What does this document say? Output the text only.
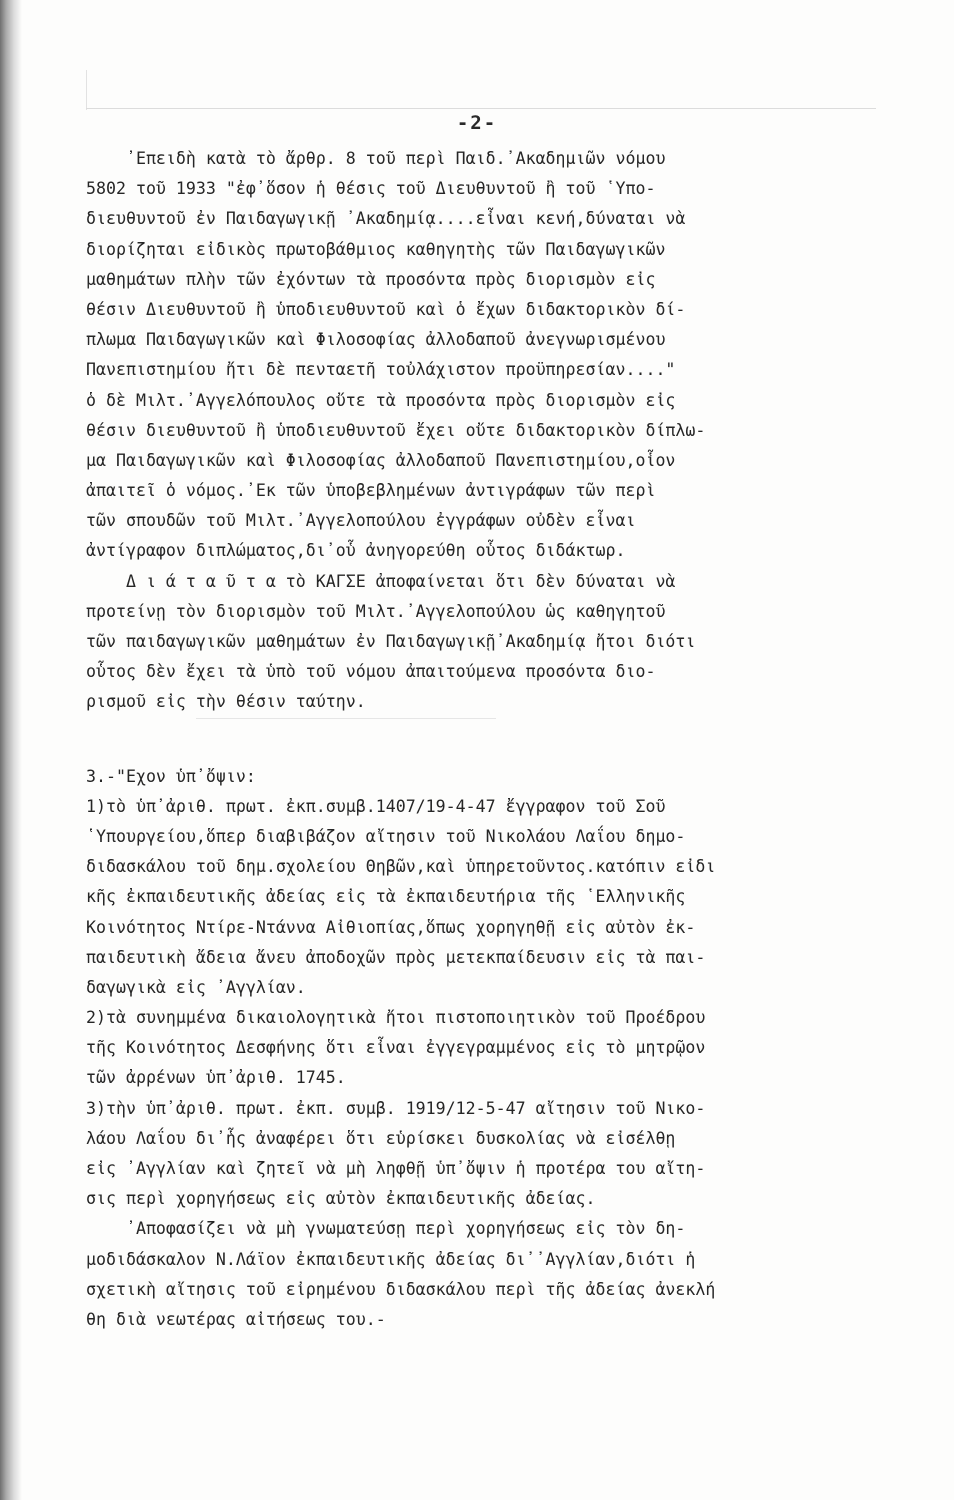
-2-
᾿Επειδὴ κατὰ τὸ ἄρθρ. 8 τοῦ περὶ Παιδ.᾿Ακαδημιῶν νόμου
5802 τοῦ 1933 "ἐφ᾿ὅσον ἡ θέσις τοῦ Διευθυντοῦ ἢ τοῦ ῾Υπο-
διευθυντοῦ ἐν Παιδαγωγικῇ ᾿Ακαδημίᾳ....εἶναι κενή,δύναται νὰ
διορίζηται εἰδικὸς πρωτοβάθμιος καθηγητὴς τῶν Παιδαγωγικῶν
μαθημάτων πλὴν τῶν ἐχόντων τὰ προσόντα πρὸς διορισμὸν εἰς
θέσιν Διευθυντοῦ ἢ ὑποδιευθυντοῦ καὶ ὁ ἔχων διδακτορικὸν δί-
πλωμα Παιδαγωγικῶν καὶ Φιλοσοφίας ἀλλοδαποῦ ἀνεγνωρισμένου
Πανεπιστημίου ἤτι δὲ πενταετῆ τοὐλάχιστον προϋπηρεσίαν...."
ὁ δὲ Μιλτ.᾿Αγγελόπουλος οὔτε τὰ προσόντα πρὸς διορισμὸν εἰς
θέσιν διευθυντοῦ ἢ ὑποδιευθυντοῦ ἔχει οὔτε διδακτορικὸν δίπλω-
μα Παιδαγωγικῶν καὶ Φιλοσοφίας ἀλλοδαποῦ Πανεπιστημίου,οἷον
ἀπαιτεῖ ὁ νόμος.᾿Εκ τῶν ὑποβεβλημένων ἀντιγράφων τῶν περὶ
τῶν σπουδῶν τοῦ Μιλτ.᾿Αγγελοπούλου ἐγγράφων οὐδὲν εἶναι
ἀντίγραφον διπλώματος,δι᾿οὗ ἀνηγορεύθη οὗτος διδάκτωρ.
Δ ι ά τ α ῦ τ α τὸ ΚΑΓΣΕ ἀποφαίνεται ὅτι δὲν δύναται νὰ
προτείνῃ τὸν διορισμὸν τοῦ Μιλτ.᾿Αγγελοπούλου ὡς καθηγητοῦ
τῶν παιδαγωγικῶν μαθημάτων ἐν Παιδαγωγικῇ᾿Ακαδημίᾳ ἤτοι διότι
οὗτος δὲν ἔχει τὰ ὑπὸ τοῦ νόμου ἀπαιτούμενα προσόντα διο-
ρισμοῦ εἰς τὴν θέσιν ταύτην.
3.-"Εχον ὑπ᾿ὄψιν:
1)τὸ ὑπ᾿ἀριθ. πρωτ. ἐκπ.συμβ.1407/19-4-47 ἔγγραφον τοῦ Σοῦ
῾Υπουργείου,ὅπερ διαβιβάζον αἴτησιν τοῦ Νικολάου Λαΐου δημο-
διδασκάλου τοῦ δημ.σχολείου Θηβῶν,καὶ ὑπηρετοῦντος.κατόπιν εἰδι
κῆς ἐκπαιδευτικῆς ἀδείας εἰς τὰ ἐκπαιδευτήρια τῆς ῾Ελληνικῆς
Κοινότητος Ντίρε-Ντάννα Αἰθιοπίας,ὅπως χορηγηθῇ εἰς αὐτὸν ἐκ-
παιδευτικὴ ἄδεια ἄνευ ἀποδοχῶν πρὸς μετεκπαίδευσιν εἰς τὰ παι-
δαγωγικὰ εἰς ᾿Αγγλίαν.
2)τὰ συνημμένα δικαιολογητικὰ ἤτοι πιστοποιητικὸν τοῦ Προέδρου
τῆς Κοινότητος Δεσφήνης ὅτι εἶναι ἐγγεγραμμένος εἰς τὸ μητρῷον
τῶν ἀρρένων ὑπ᾿ἀριθ. 1745.
3)τὴν ὑπ᾿ἀριθ. πρωτ. ἐκπ. συμβ. 1919/12-5-47 αἴτησιν τοῦ Νικο-
λάου Λαΐου δι᾿ἧς ἀναφέρει ὅτι εὑρίσκει δυσκολίας νὰ εἰσέλθῃ
εἰς ᾿Αγγλίαν καὶ ζητεῖ νὰ μὴ ληφθῇ ὑπ᾿ὄψιν ἡ προτέρα του αἴτη-
σις περὶ χορηγήσεως εἰς αὐτὸν ἐκπαιδευτικῆς ἀδείας.
᾿Αποφασίζει νὰ μὴ γνωματεύσῃ περὶ χορηγήσεως εἰς τὸν δη-
μοδιδάσκαλον Ν.Λάϊον ἐκπαιδευτικῆς ἀδείας δι᾿᾿Αγγλίαν,διότι ἡ
σχετικὴ αἴτησις τοῦ εἰρημένου διδασκάλου περὶ τῆς ἀδείας ἀνεκλή
θη διὰ νεωτέρας αἰτήσεως του.-
